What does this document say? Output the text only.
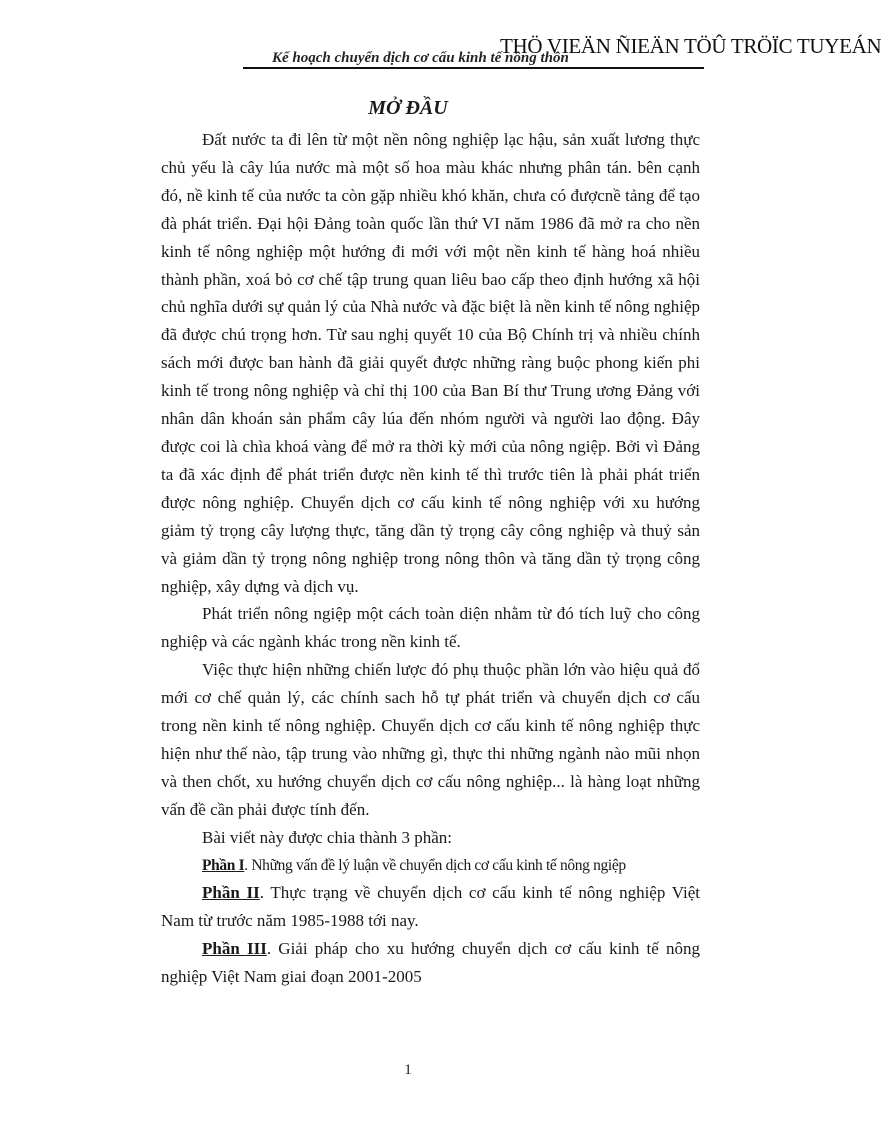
THÖ VIEÄN ÑIEÄN TÖÛ TRÖÏC TUYEÁN
Kế hoạch chuyển dịch cơ cấu kinh tế nông thôn
MỞ ĐẦU

Đất nước ta đi lên từ một nền nông nghiệp lạc hậu, sản xuất lương thực chủ yếu là cây lúa nước mà một số hoa màu khác nhưng phân tán. bên cạnh đó, nề kinh tế của nước ta còn gặp nhiều khó khăn, chưa có đượcnề tảng để tạo đà phát triển. Đại hội Đảng toàn quốc lần thứ VI năm 1986 đã mở ra cho nền kinh tế nông nghiệp một hướng đi mới với một nền kinh tế hàng hoá nhiều thành phần, xoá bỏ cơ chế tập trung quan liêu bao cấp theo định hướng xã hội chủ nghĩa dưới sự quản lý của Nhà nước và đặc biệt là nền kinh tế nông nghiệp đã được chú trọng hơn. Từ sau nghị quyết 10 của Bộ Chính trị và nhiều chính sách mới được ban hành đã giải quyết được những ràng buộc phong kiến phi kinh tế trong nông nghiệp và chỉ thị 100 của Ban Bí thư Trung ương Đảng với nhân dân khoán sản phẩm cây lúa đến nhóm người và người lao động. Đây được coi là chìa khoá vàng để mở ra thời kỳ mới của nông ngiệp. Bởi vì Đảng ta đã xác định để phát triển được nền kinh tế thì trước tiên là phải phát triển được nông nghiệp. Chuyển dịch cơ cấu kinh tế nông nghiệp với xu hướng giảm tỷ trọng cây lượng thực, tăng dần tỷ trọng cây công nghiệp và thuỷ sản và giảm dần tỷ trọng nông nghiệp trong nông thôn và tăng dần tỷ trọng công nghiệp, xây dựng và dịch vụ.

Phát triển nông ngiệp một cách toàn diện nhằm từ đó tích luỹ cho công nghiệp và các ngành khác trong nền kinh tế.

Việc thực hiện những chiến lược đó phụ thuộc phần lớn vào hiệu quả đổ mới cơ chế quản lý, các chính sach hỗ tự phát triển và chuyển dịch cơ cấu trong nền kinh tế nông nghiệp. Chuyển dịch cơ cấu kinh tế nông nghiệp thực hiện như thế nào, tập trung vào những gì, thực thi những ngành nào mũi nhọn và then chốt, xu hướng chuyển dịch cơ cấu nông nghiệp... là hàng loạt những vấn đề cần phải được tính đến.

Bài viết này được chia thành 3 phần:

Phần I. Những vấn đề lý luận về chuyển dịch cơ cấu kinh tế nông ngiệp

Phần II. Thực trạng về chuyển dịch cơ cấu kinh tế nông nghiệp Việt Nam từ trước năm 1985-1988 tới nay.

Phần III. Giải pháp cho xu hướng chuyển dịch cơ cấu kinh tế nông nghiệp Việt Nam giai đoạn 2001-2005

1
